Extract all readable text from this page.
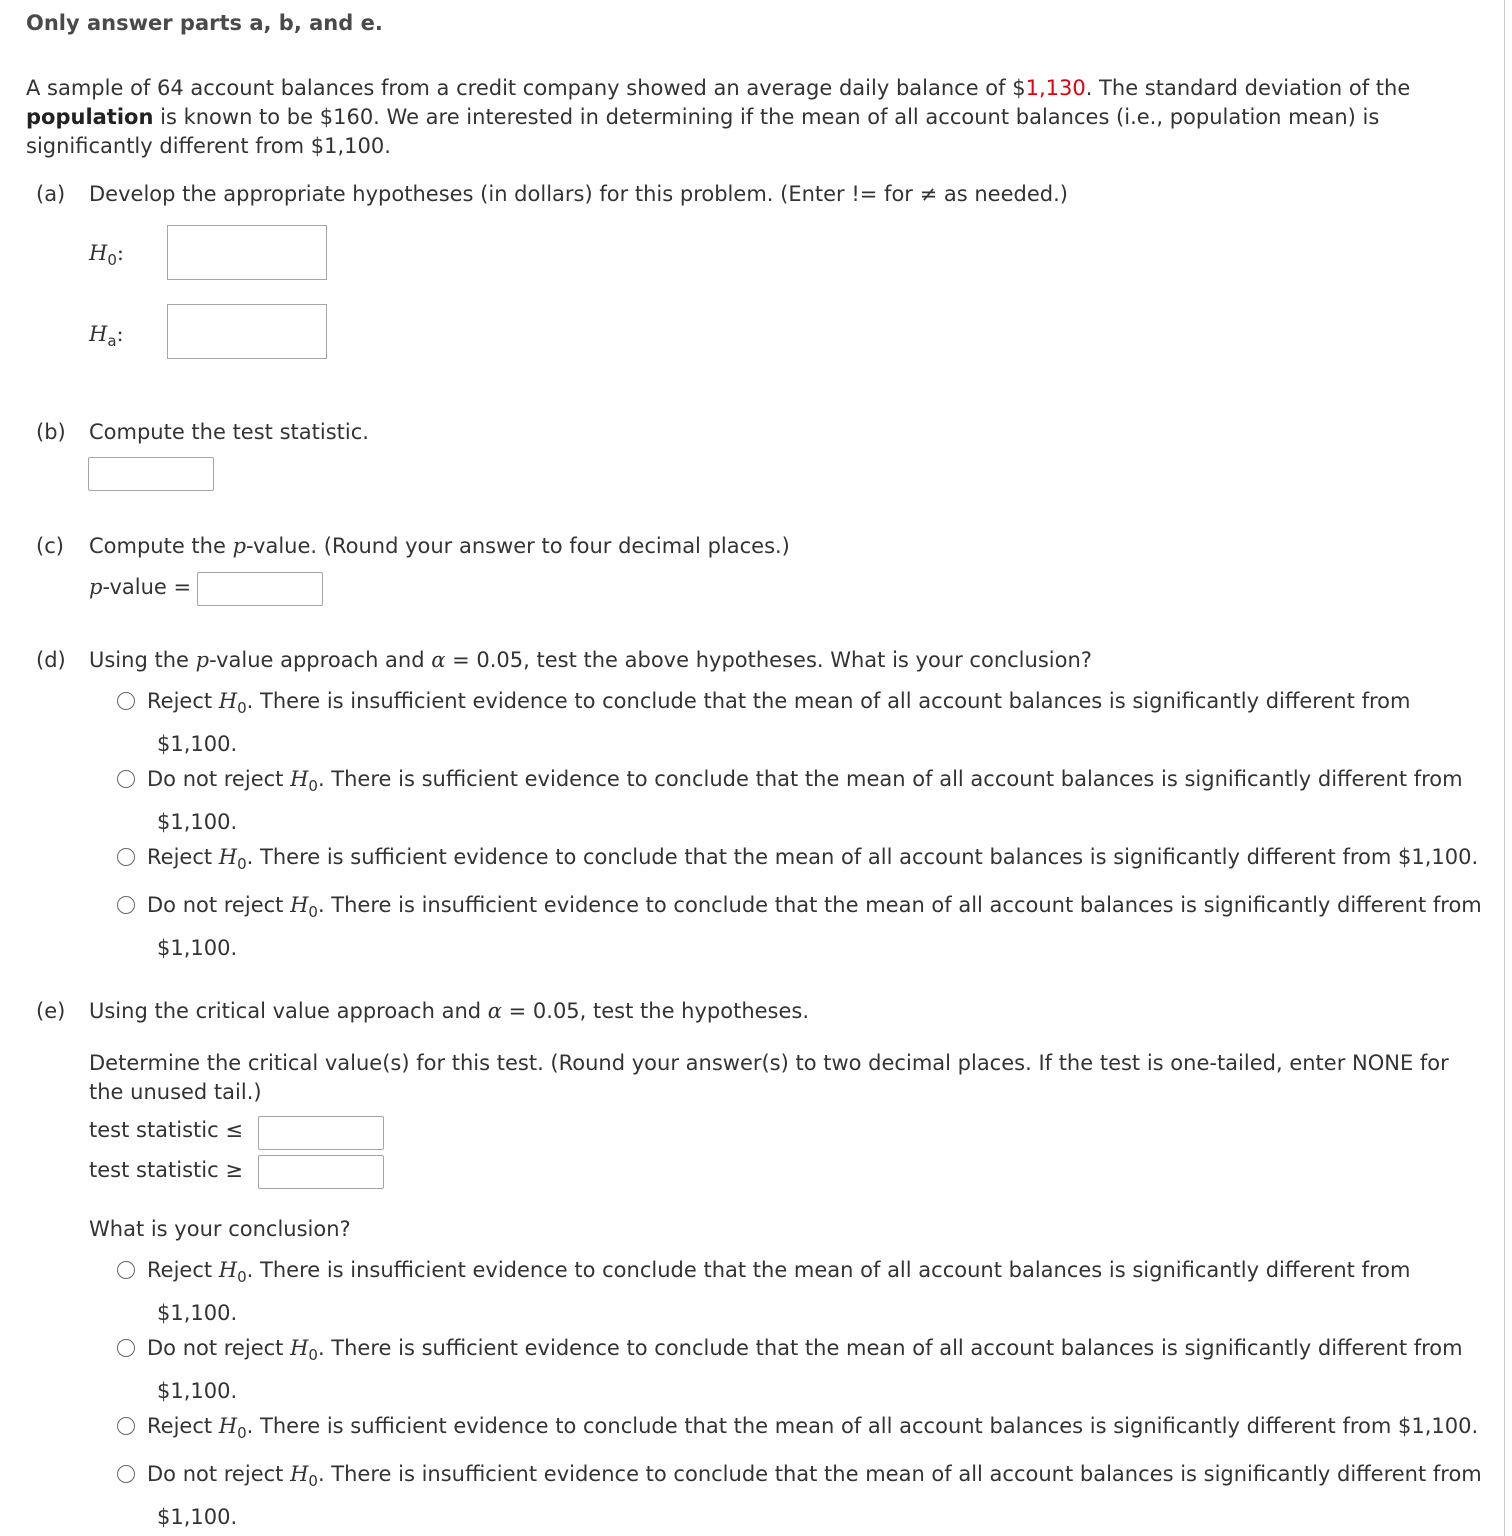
Only answer parts a, b, and e.
A sample of 64 account balances from a credit company showed an average daily balance of $1,130. The standard deviation of the
population is known to be $160. We are interested in determining if the mean of all account balances (i.e., population mean) is significantly different from $1,100.
(a) Develop the appropriate hypotheses (in dollars) for this problem. (Enter != for ≠ as needed.)
$H_0$:
$H_a$:
(b) Compute the test statistic.
(c) Compute the p-value. (Round your answer to four decimal places.)
p-value =
(d) Using the p-value approach and α = 0.05, test the above hypotheses. What is your conclusion?
Reject $H_0$. There is insufficient evidence to conclude that the mean of all account balances is significantly different from
$1,100.
Do not reject $H_0$. There is sufficient evidence to conclude that the mean of all account balances is significantly different from
$1,100.
Reject $H_0$. There is sufficient evidence to conclude that the mean of all account balances is significantly different from $1,100.
Do not reject $H_0$. There is insufficient evidence to conclude that the mean of all account balances is significantly different from
$1,100.
(e) Using the critical value approach and α = 0.05, test the hypotheses.
Determine the critical value(s) for this test. (Round your answer(s) to two decimal places. If the test is one-tailed, enter NONE for the unused tail.)
test statistic ≤
test statistic ≥
What is your conclusion?
Reject $H_0$. There is insufficient evidence to conclude that the mean of all account balances is significantly different from
$1,100.
Do not reject $H_0$. There is sufficient evidence to conclude that the mean of all account balances is significantly different from
$1,100.
Reject $H_0$. There is sufficient evidence to conclude that the mean of all account balances is significantly different from $1,100.
Do not reject $H_0$. There is insufficient evidence to conclude that the mean of all account balances is significantly different from
$1,100.
